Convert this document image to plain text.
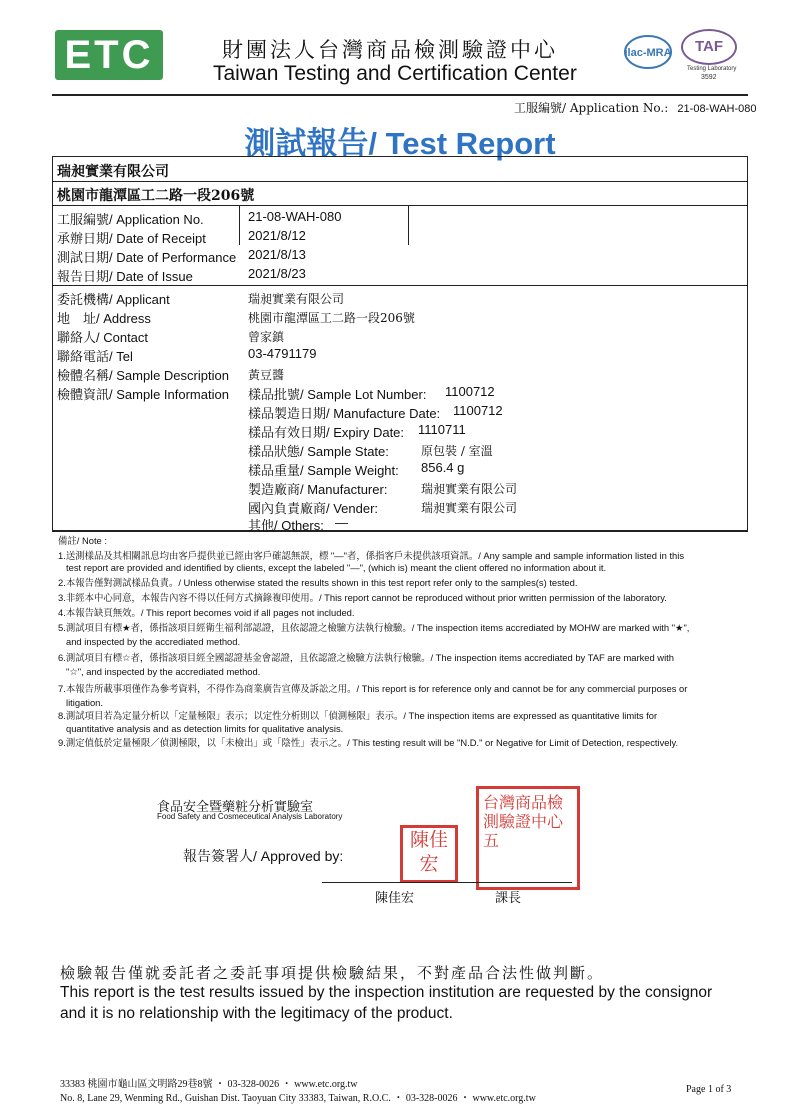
ETC	財團法人台灣商品檢測驗證中心
Taiwan Testing and Certification Center
ilac-MRA	TAF
Testing Laboratory
3592
工服編號/ Application No.: 21-08-WAH-080
測試報告/ Test Report
瑞昶實業有限公司
桃園市龍潭區工二路一段206號
工服編號/ Application No.	21-08-WAH-080
承辦日期/ Date of Receipt	2021/8/12
測試日期/ Date of Performance 2021/8/13
報告日期/ Date of Issue	2021/8/23
委託機構/ Applicant	瑞昶實業有限公司
地　址/ Address	桃園市龍潭區工二路一段206號
聯絡人/ Contact	曾家鎮
聯絡電話/ Tel	03-4791179
檢體名稱/ Sample Description 黃豆醬
檢體資訊/ Sample Information 樣品批號/ Sample Lot Number: 1100712
樣品製造日期/ Manufacture Date: 1100712
樣品有效日期/ Expiry Date: 1110711
樣品狀態/ Sample State:	原包裝 / 室溫
樣品重量/ Sample Weight: 856.4 g
製造廠商/ Manufacturer:	瑞昶實業有限公司
國內負責廠商/ Vender:	瑞昶實業有限公司
其他/ Others: —
備註/ Note :
1.送測樣品及其相關訊息均由客戶提供並已經由客戶確認無誤，標 "—"者，係指客戶未提供該項資訊。/ Any sample and sample information listed in this
test report are provided and identified by clients, except the labeled "—", (which is) meant the client offered no information about it.
2.本報告僅對測試樣品負責。/ Unless otherwise stated the results shown in this test report refer only to the samples(s) tested.
3.非經本中心同意，本報告內容不得以任何方式摘錄複印使用。/ This report cannot be reproduced without prior written permission of the laboratory.
4.本報告缺頁無效。/ This report becomes void if all pages not included.
5.測試項目有標★者，係指該項目經衛生福利部認證，且依認證之檢驗方法執行檢驗。/ The inspection items accrediated by MOHW are marked with "★",
and inspected by the accrediated method.
6.測試項目有標☆者，係指該項目經全國認證基金會認證，且依認證之檢驗方法執行檢驗。/ The inspection items accrediated by TAF are marked with
"☆", and inspected by the accrediated method.
7.本報告所載事項僅作為參考資料，不得作為商業廣告宣傳及訴訟之用。/ This report is for reference only and cannot be for any commercial purposes or
litigation.
8.測試項目若為定量分析以「定量極限」表示；以定性分析則以「偵測極限」表示。/ The inspection items are expressed as quantitative limits for
quantitative analysis and as detection limits for qualitative analysis.
9.測定值低於定量極限／偵測極限，以「未檢出」或「陰性」表示之。/ This testing result will be "N.D." or Negative for Limit of Detection, respectively.
食品安全暨藥粧分析實驗室
Food Safety and Cosmeceutical Analysis Laboratory
報告簽署人/ Approved by:
陳佳宏
台灣商品檢測驗證中心五
陳佳宏	課長
檢驗報告僅就委託者之委託事項提供檢驗結果，不對產品合法性做判斷。
This report is the test results issued by the inspection institution are requested by the consignor
and it is no relationship with the legitimacy of the product.
33383 桃園市龜山區文明路29巷8號 ・ 03-328-0026 ・ www.etc.org.tw
No. 8, Lane 29, Wenming Rd., Guishan Dist. Taoyuan City 33383, Taiwan, R.O.C. ・ 03-328-0026 ・ www.etc.org.tw
Page 1 of 3
